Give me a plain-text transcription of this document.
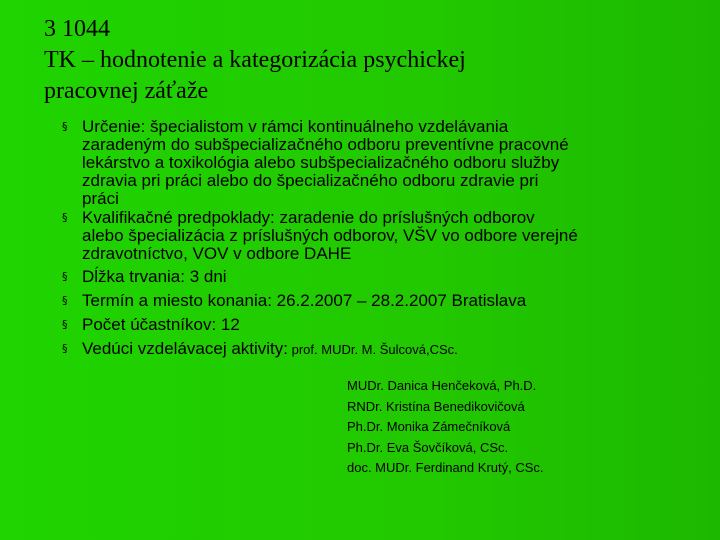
3 1044
TK – hodnotenie a kategorizácia psychickej
pracovnej záťaže
§ Určenie: špecialistom v rámci kontinuálneho vzdelávania
zaradeným do subšpecializačného odboru preventívne pracovné
lekárstvo a toxikológia alebo subšpecializačného odboru služby
zdravia pri práci alebo do špecializačného odboru zdravie pri
práci
§ Kvalifikačné predpoklady: zaradenie do príslušných odborov
alebo špecializácia z príslušných odborov, VŠV vo odbore verejné
zdravotníctvo, VOV v odbore DAHE
§ Dĺžka trvania: 3 dni
§ Termín a miesto konania: 26.2.2007 – 28.2.2007 Bratislava
§ Počet účastníkov: 12
§ Vedúci vzdelávacej aktivity: prof. MUDr. M. Šulcová,CSc.
MUDr. Danica Henčeková, Ph.D.
RNDr. Kristína Benedikovičová
Ph.Dr. Monika Zámečníková
Ph.Dr. Eva Šovčíková, CSc.
doc. MUDr. Ferdinand Krutý, CSc.
